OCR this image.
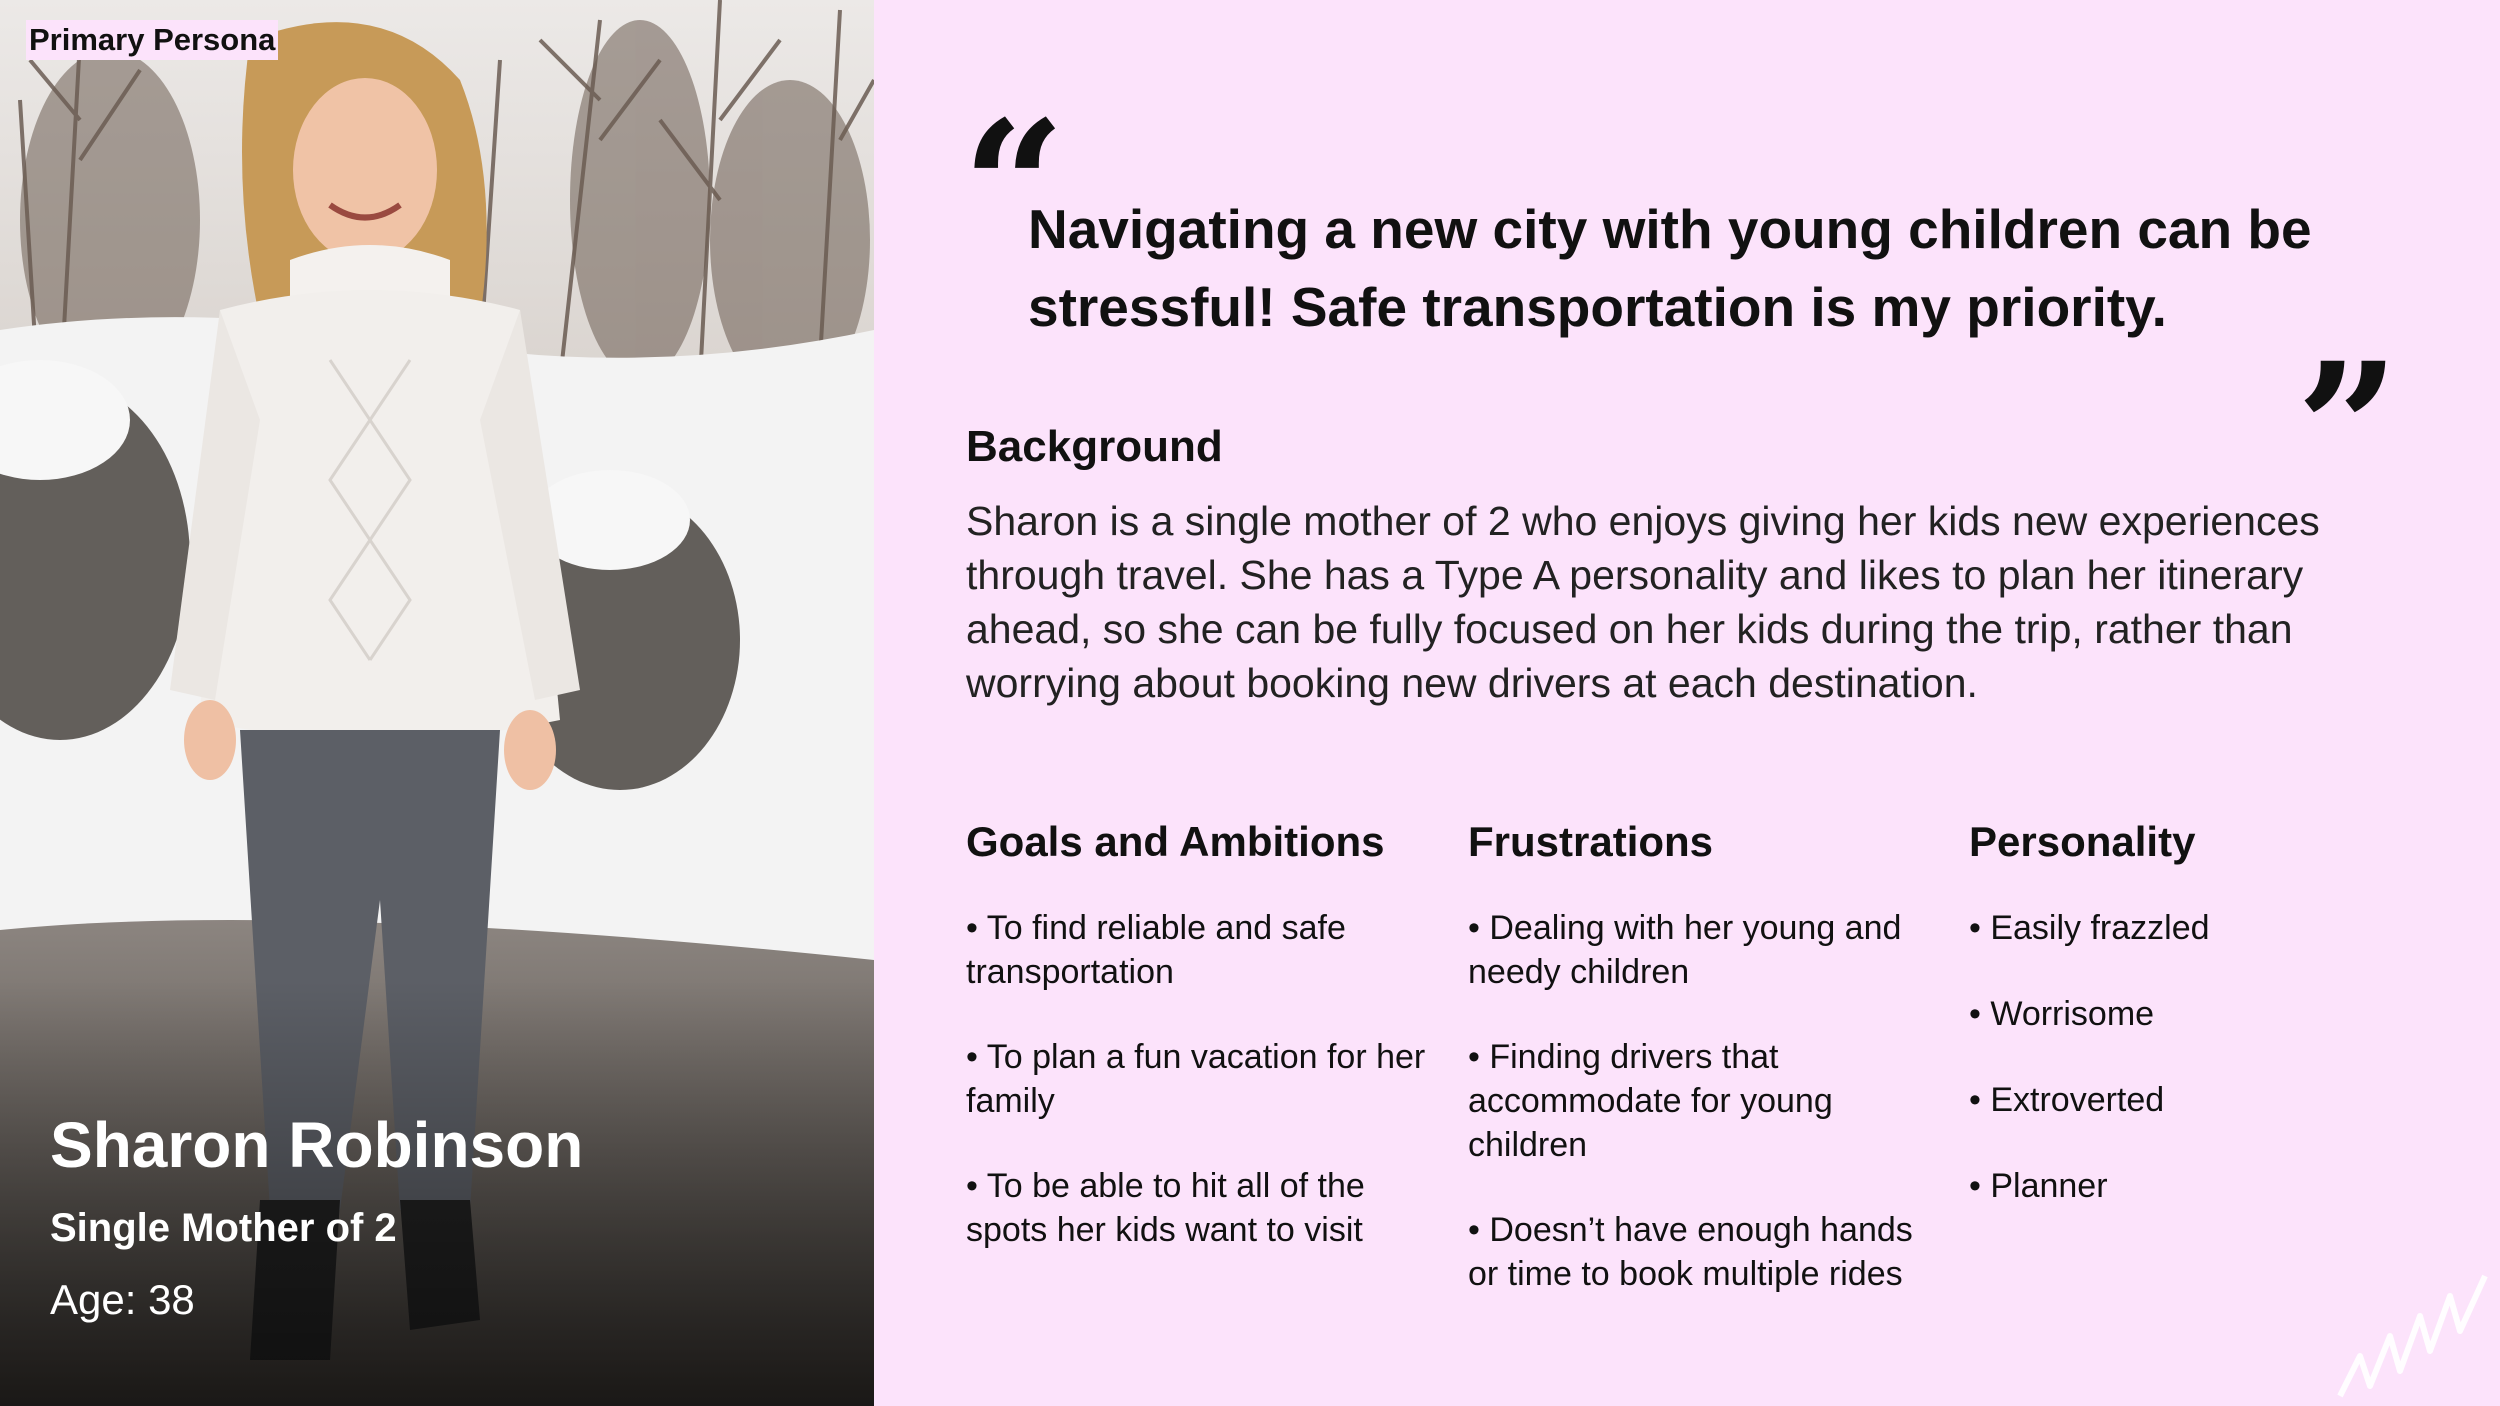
Primary Persona
Sharon Robinson
Single Mother of 2
Age: 38
“
Navigating a new city with young children can be stressful! Safe transportation is my priority.
”
Background
Sharon is a single mother of 2 who enjoys giving her kids new experiences through travel. She has a Type A personality and likes to plan her itinerary ahead, so she can be fully focused on her kids during the trip, rather than worrying about booking new drivers at each destination.
Goals and Ambitions
• To find reliable and safe transportation
• To plan a fun vacation for her family
• To be able to hit all of the spots her kids want to visit
Frustrations
• Dealing with her young and needy children
• Finding drivers that accommodate for young children
• Doesn’t have enough hands or time to book multiple rides
Personality
• Easily frazzled
• Worrisome
• Extroverted
• Planner
